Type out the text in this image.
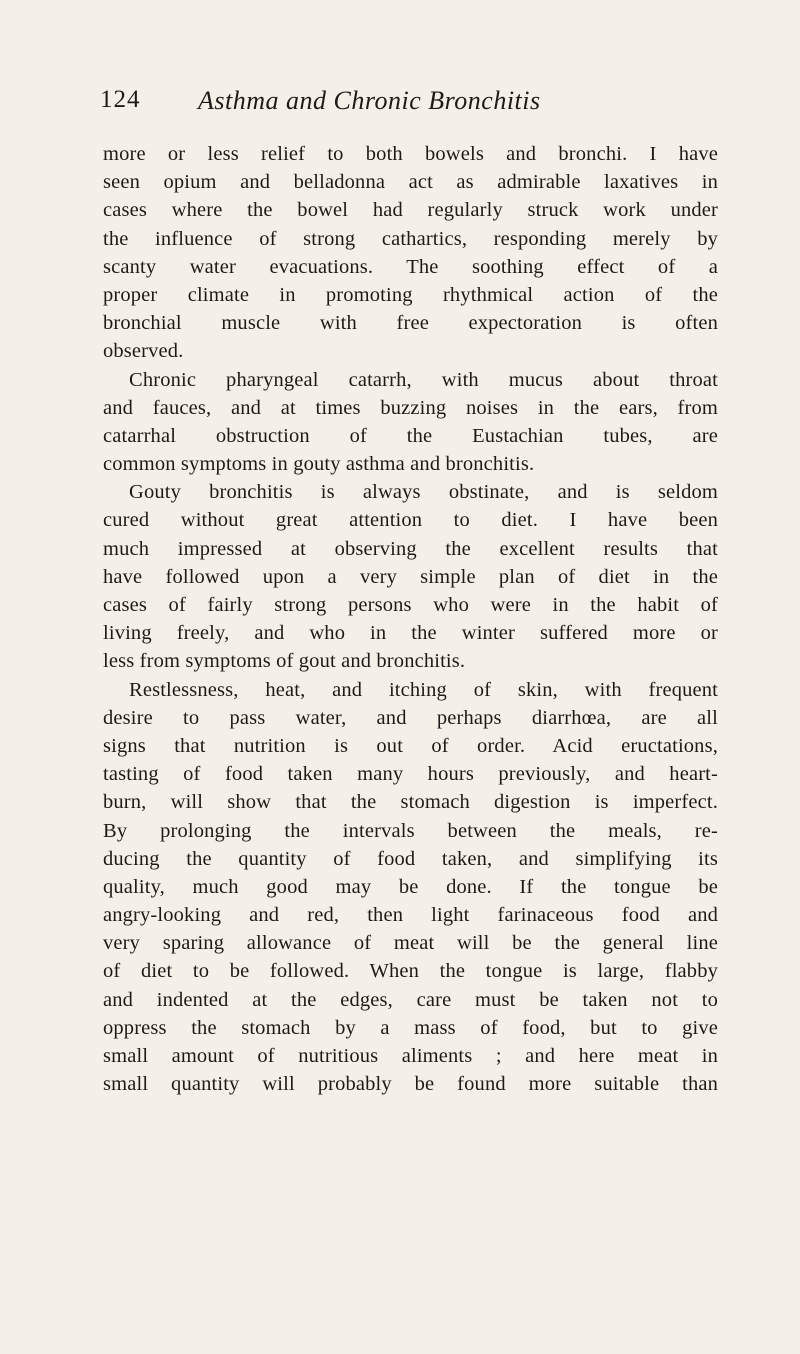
124 Asthma and Chronic Bronchitis
more or less relief to both bowels and bronchi. I have
seen opium and belladonna act as admirable laxatives in
cases where the bowel had regularly struck work under
the influence of strong cathartics, responding merely by
scanty water evacuations. The soothing effect of a
proper climate in promoting rhythmical action of the
bronchial muscle with free expectoration is often
observed.
Chronic pharyngeal catarrh, with mucus about throat
and fauces, and at times buzzing noises in the ears, from
catarrhal obstruction of the Eustachian tubes, are
common symptoms in gouty asthma and bronchitis.
Gouty bronchitis is always obstinate, and is seldom
cured without great attention to diet. I have been
much impressed at observing the excellent results that
have followed upon a very simple plan of diet in the
cases of fairly strong persons who were in the habit of
living freely, and who in the winter suffered more or
less from symptoms of gout and bronchitis.
Restlessness, heat, and itching of skin, with frequent
desire to pass water, and perhaps diarrhœa, are all
signs that nutrition is out of order. Acid eructations,
tasting of food taken many hours previously, and heart-
burn, will show that the stomach digestion is imperfect.
By prolonging the intervals between the meals, re-
ducing the quantity of food taken, and simplifying its
quality, much good may be done. If the tongue be
angry-looking and red, then light farinaceous food and
very sparing allowance of meat will be the general line
of diet to be followed. When the tongue is large, flabby
and indented at the edges, care must be taken not to
oppress the stomach by a mass of food, but to give
small amount of nutritious aliments ; and here meat in
small quantity will probably be found more suitable than
